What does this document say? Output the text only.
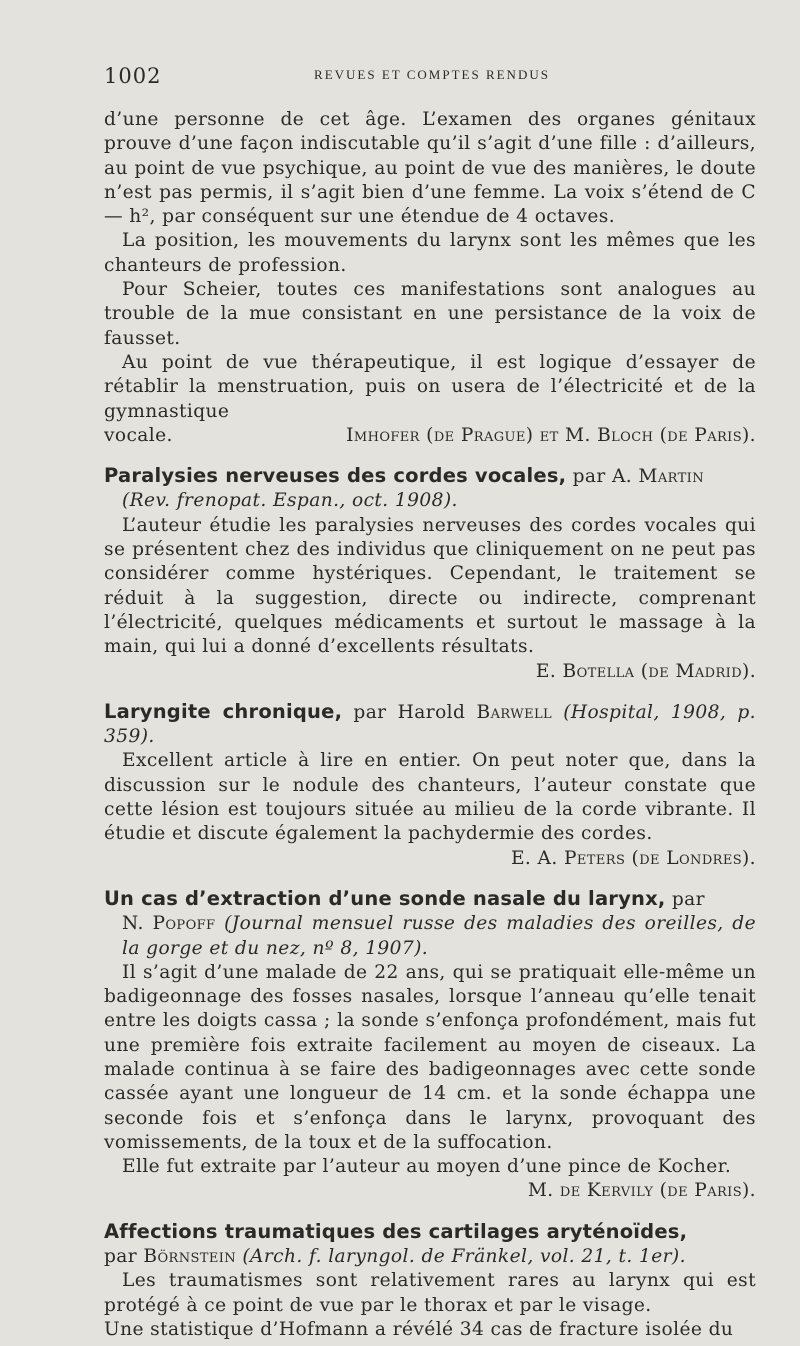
1002	REVUES ET COMPTES RENDUS

d’une personne de cet âge. L’examen des organes génitaux prouve d’une façon indiscutable qu’il s’agit d’une fille : d’ailleurs, au point de vue psychique, au point de vue des manières, le doute n’est pas permis, il s’agit bien d’une femme. La voix s’étend de C — h², par conséquent sur une étendue de 4 octaves.

La position, les mouvements du larynx sont les mêmes que les chanteurs de profession.

Pour Scheier, toutes ces manifestations sont analogues au trouble de la mue consistant en une persistance de la voix de fausset.

Au point de vue thérapeutique, il est logique d’essayer de rétablir la menstruation, puis on usera de l’électricité et de la gymnastique

vocale.	Imhofer (de Prague) et M. Bloch (de Paris).
Paralysies nerveuses des cordes vocales, par A. Martin
(Rev. frenopat. Espan., oct. 1908).

L’auteur étudie les paralysies nerveuses des cordes vocales qui se présentent chez des individus que cliniquement on ne peut pas considérer comme hystériques. Cependant, le traitement se réduit à la suggestion, directe ou indirecte, comprenant l’électricité, quelques médicaments et surtout le massage à la main, qui lui a donné d’excellents résultats.

E. Botella (de Madrid).
Laryngite chronique, par Harold Barwell (Hospital, 1908, p. 359).

Excellent article à lire en entier. On peut noter que, dans la discussion sur le nodule des chanteurs, l’auteur constate que cette lésion est toujours située au milieu de la corde vibrante. Il étudie et discute également la pachydermie des cordes.

E. A. Peters (de Londres).
Un cas d’extraction d’une sonde nasale du larynx, par
N. Popoff (Journal mensuel russe des maladies des oreilles, de la gorge et du nez, nº 8, 1907).

Il s’agit d’une malade de 22 ans, qui se pratiquait elle-même un badigeonnage des fosses nasales, lorsque l’anneau qu’elle tenait entre les doigts cassa ; la sonde s’enfonça profondément, mais fut une première fois extraite facilement au moyen de ciseaux. La malade continua à se faire des badigeonnages avec cette sonde cassée ayant une longueur de 14 cm. et la sonde échappa une seconde fois et s’enfonça dans le larynx, provoquant des vomissements, de la toux et de la suffocation.

Elle fut extraite par l’auteur au moyen d’une pince de Kocher.

M. de Kervily (de Paris).
Affections traumatiques des cartilages aryténoïdes,
par Börnstein (Arch. f. laryngol. de Fränkel, vol. 21, t. 1er).

Les traumatismes sont relativement rares au larynx qui est protégé à ce point de vue par le thorax et par le visage.

Une statistique d’Hofmann a révélé 34 cas de fracture isolée du
